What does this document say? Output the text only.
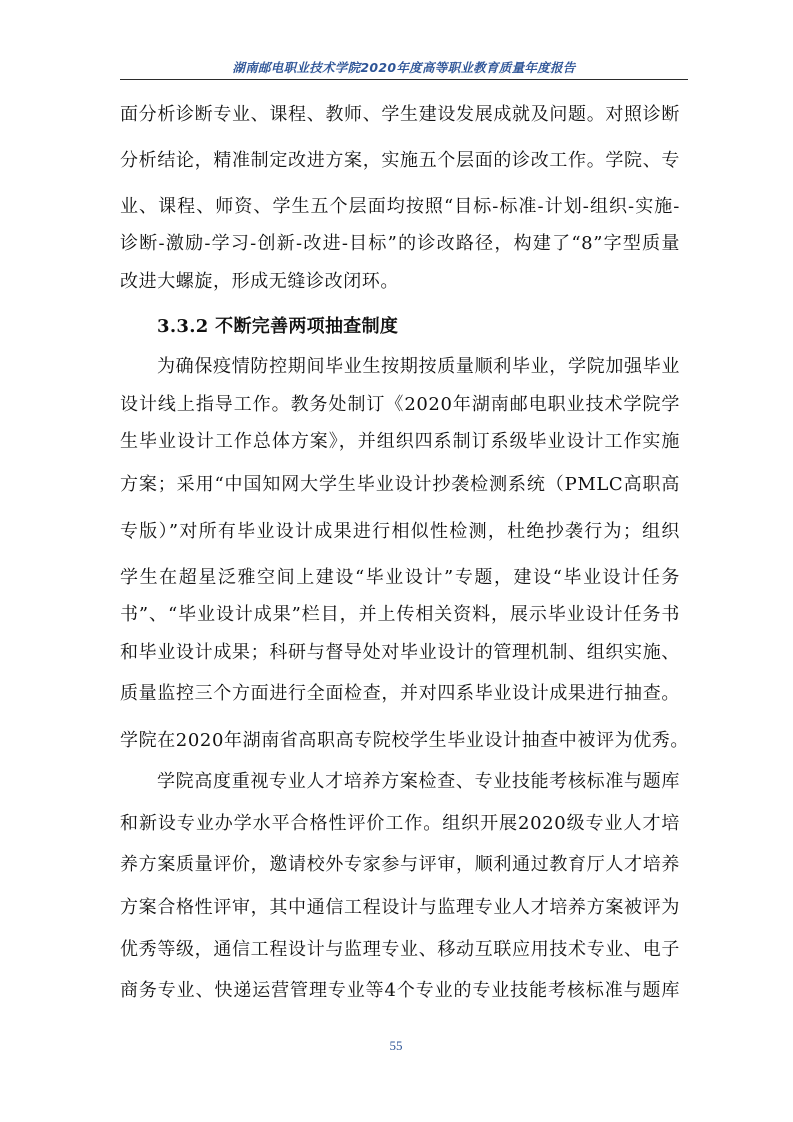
湖南邮电职业技术学院2020年度高等职业教育质量年度报告
面分析诊断专业、课程、教师、学生建设发展成就及问题。对照诊断
分析结论，精准制定改进方案，实施五个层面的诊改工作。学院、专
业、课程、师资、学生五个层面均按照“目标-标准-计划-组织-实施-
诊断-激励-学习-创新-改进-目标”的诊改路径，构建了“8”字型质量
改进大螺旋，形成无缝诊改闭环。
3.3.2 不断完善两项抽查制度
为确保疫情防控期间毕业生按期按质量顺利毕业，学院加强毕业
设计线上指导工作。教务处制订《2020年湖南邮电职业技术学院学
生毕业设计工作总体方案》，并组织四系制订系级毕业设计工作实施
方案；采用“中国知网大学生毕业设计抄袭检测系统（PMLC高职高
专版）”对所有毕业设计成果进行相似性检测，杜绝抄袭行为；组织
学生在超星泛雅空间上建设“毕业设计”专题，建设“毕业设计任务
书”、“毕业设计成果”栏目，并上传相关资料，展示毕业设计任务书
和毕业设计成果；科研与督导处对毕业设计的管理机制、组织实施、
质量监控三个方面进行全面检查，并对四系毕业设计成果进行抽查。
学院在2020年湖南省高职高专院校学生毕业设计抽查中被评为优秀。
学院高度重视专业人才培养方案检查、专业技能考核标准与题库
和新设专业办学水平合格性评价工作。组织开展2020级专业人才培
养方案质量评价，邀请校外专家参与评审，顺利通过教育厅人才培养
方案合格性评审，其中通信工程设计与监理专业人才培养方案被评为
优秀等级，通信工程设计与监理专业、移动互联应用技术专业、电子
商务专业、快递运营管理专业等4个专业的专业技能考核标准与题库
55
